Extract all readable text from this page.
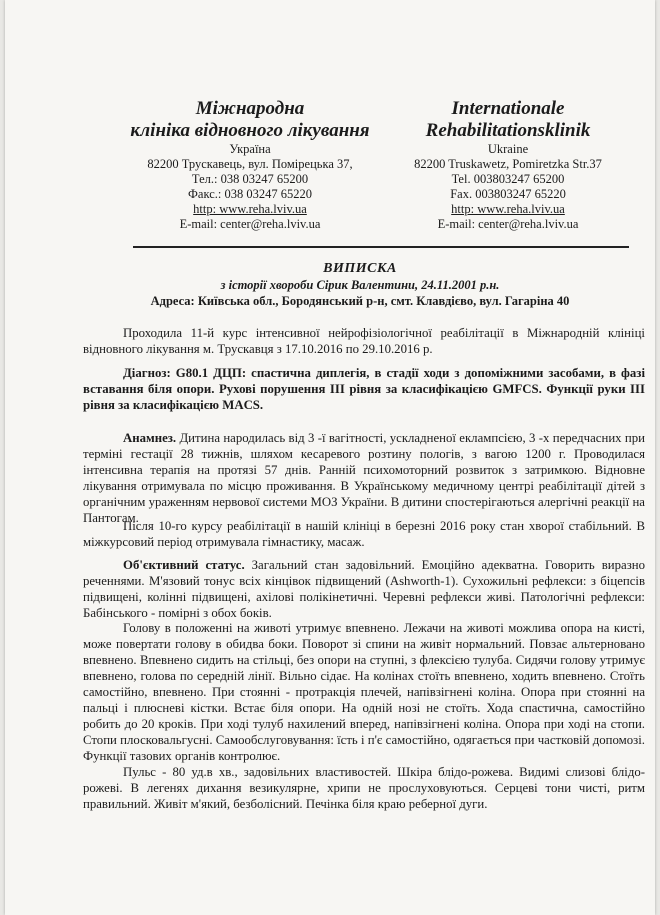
Міжнародна
клініка відновного лікування
Україна
82200 Трускавець, вул. Помірецька 37,
Тел.: 038 03247 65200
Факс.: 038 03247 65220
http: www.reha.lviv.ua
E-mail: center@reha.lviv.ua
Internationale
Rehabilitationsklinik
Ukraine
82200 Truskawetz, Pomiretzka Str.37
Tel. 003803247 65200
Fax. 003803247 65220
http: www.reha.lviv.ua
E-mail: center@reha.lviv.ua
ВИПИСКА
з історії хвороби Сірик Валентини, 24.11.2001 р.н.
Адреса: Київська обл., Бородянський р-н, смт. Клавдієво, вул. Гагаріна 40
Проходила 11-й курс інтенсивної нейрофізіологічної реабілітації в Міжнародній клініці відновного лікування м. Трускавця з 17.10.2016 по 29.10.2016 р.
Діагноз: G80.1 ДЦП: спастична диплегія, в стадії ходи з допоміжними засобами, в фазі вставання біля опори. Рухові порушення ІІІ рівня за класифікацією GMFCS. Функції руки ІІІ рівня за класифікацією MACS.
Анамнез. Дитина народилась від 3 -ї вагітності, ускладненої еклампсією, 3 -х передчасних при терміні гестації 28 тижнів, шляхом кесаревого розтину пологів, з вагою 1200 г. Проводилася інтенсивна терапія на протязі 57 днів. Ранній психомоторний розвиток з затримкою. Відновне лікування отримувала по місцю проживання. В Українському медичному центрі реабілітації дітей з органічним ураженням нервової системи МОЗ України. В дитини спостерігаються алергічні реакції на Пантогам.
Після 10-го курсу реабілітації в нашій клініці в березні 2016 року стан хворої стабільний. В міжкурсовий період отримувала гімнастику, масаж.
Об'єктивний статус. Загальний стан задовільний. Емоційно адекватна. Говорить виразно реченнями. М'язовий тонус всіх кінцівок підвищений (Ashworth-1). Сухожильні рефлекси: з біцепсів підвищені, колінні підвищені, ахілові полікінетичні. Черевні рефлекси живі. Патологічні рефлекси: Бабінського - помірні з обох боків.
Голову в положенні на животі утримує впевнено. Лежачи на животі можлива опора на кисті, може повертати голову в обидва боки. Поворот зі спини на живіт нормальний. Повзає альтерновано впевнено. Впевнено сидить на стільці, без опори на ступні, з флексією тулуба. Сидячи голову утримує впевнено, голова по середній лінії. Вільно сідає. На колінах стоїть впевнено, ходить впевнено. Стоїть самостійно, впевнено. При стоянні - протракція плечей, напівзігнені коліна. Опора при стоянні на пальці і плюсневі кістки. Встає біля опори. На одній нозі не стоїть. Хода спастична, самостійно робить до 20 кроків. При ході тулуб нахилений вперед, напівзігнені коліна. Опора при ході на стопи. Стопи плосковальгусні. Самообслуговування: їсть і п'є самостійно, одягається при частковій допомозі. Функції тазових органів контролює.
Пульс - 80 уд.в хв., задовільних властивостей. Шкіра блідо-рожева. Видимі слизові блідо-рожеві. В легенях дихання везикулярне, хрипи не прослуховуються. Серцеві тони чисті, ритм правильний. Живіт м'який, безболісний. Печінка біля краю реберної дуги.
